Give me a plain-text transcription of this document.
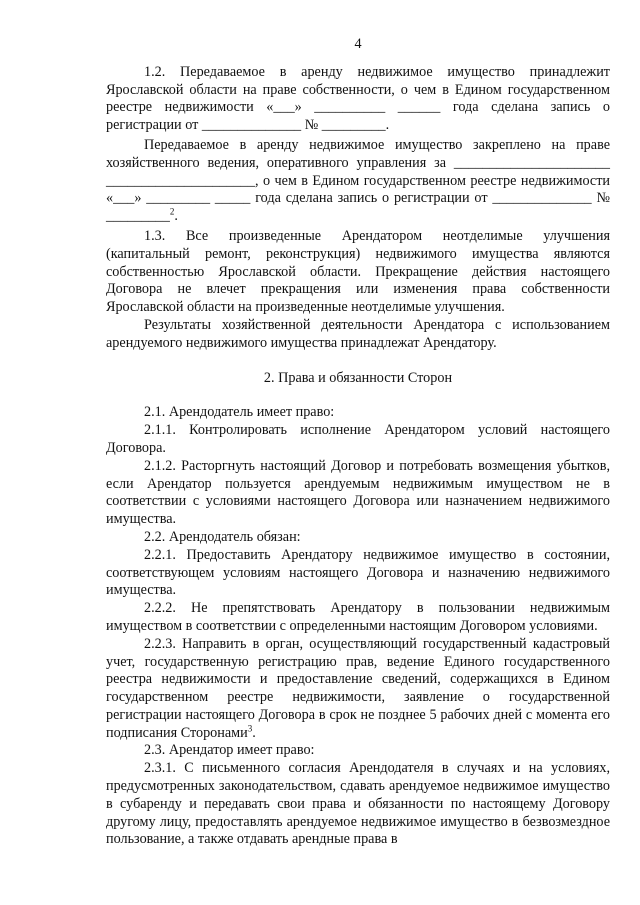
4

1.2. Передаваемое в аренду недвижимое имущество принадлежит Ярославской области на праве собственности, о чем в Едином государственном реестре недвижимости «___» __________ ______ года сделана запись о регистрации от ______________ № _________.

Передаваемое в аренду недвижимое имущество закреплено на праве хозяйственного ведения, оперативного управления за ______________________ _____________________, о чем в Едином государственном реестре недвижимости «___» _________ _____ года сделана запись о регистрации от ______________ № _________$^2$.

1.3. Все произведенные Арендатором неотделимые улучшения (капитальный ремонт, реконструкция) недвижимого имущества являются собственностью Ярославской области. Прекращение действия настоящего Договора не влечет прекращения или изменения права собственности Ярославской области на произведенные неотделимые улучшения.

Результаты хозяйственной деятельности Арендатора с использованием арендуемого недвижимого имущества принадлежат Арендатору.

2. Права и обязанности Сторон

2.1. Арендодатель имеет право:

2.1.1. Контролировать исполнение Арендатором условий настоящего Договора.

2.1.2. Расторгнуть настоящий Договор и потребовать возмещения убытков, если Арендатор пользуется арендуемым недвижимым имуществом не в соответствии с условиями настоящего Договора или назначением недвижимого имущества.

2.2. Арендодатель обязан:

2.2.1. Предоставить Арендатору недвижимое имущество в состоянии, соответствующем условиям настоящего Договора и назначению недвижимого имущества.

2.2.2. Не препятствовать Арендатору в пользовании недвижимым имуществом в соответствии с определенными настоящим Договором условиями.

2.2.3. Направить в орган, осуществляющий государственный кадастровый учет, государственную регистрацию прав, ведение Единого государственного реестра недвижимости и предоставление сведений, содержащихся в Едином государственном реестре недвижимости, заявление о государственной регистрации настоящего Договора в срок не позднее 5 рабочих дней с момента его подписания Сторонами$^3$.

2.3. Арендатор имеет право:

2.3.1. С письменного согласия Арендодателя в случаях и на условиях, предусмотренных законодательством, сдавать арендуемое недвижимое имущество в субаренду и передавать свои права и обязанности по настоящему Договору другому лицу, предоставлять арендуемое недвижимое имущество в безвозмездное пользование, а также отдавать арендные права в
